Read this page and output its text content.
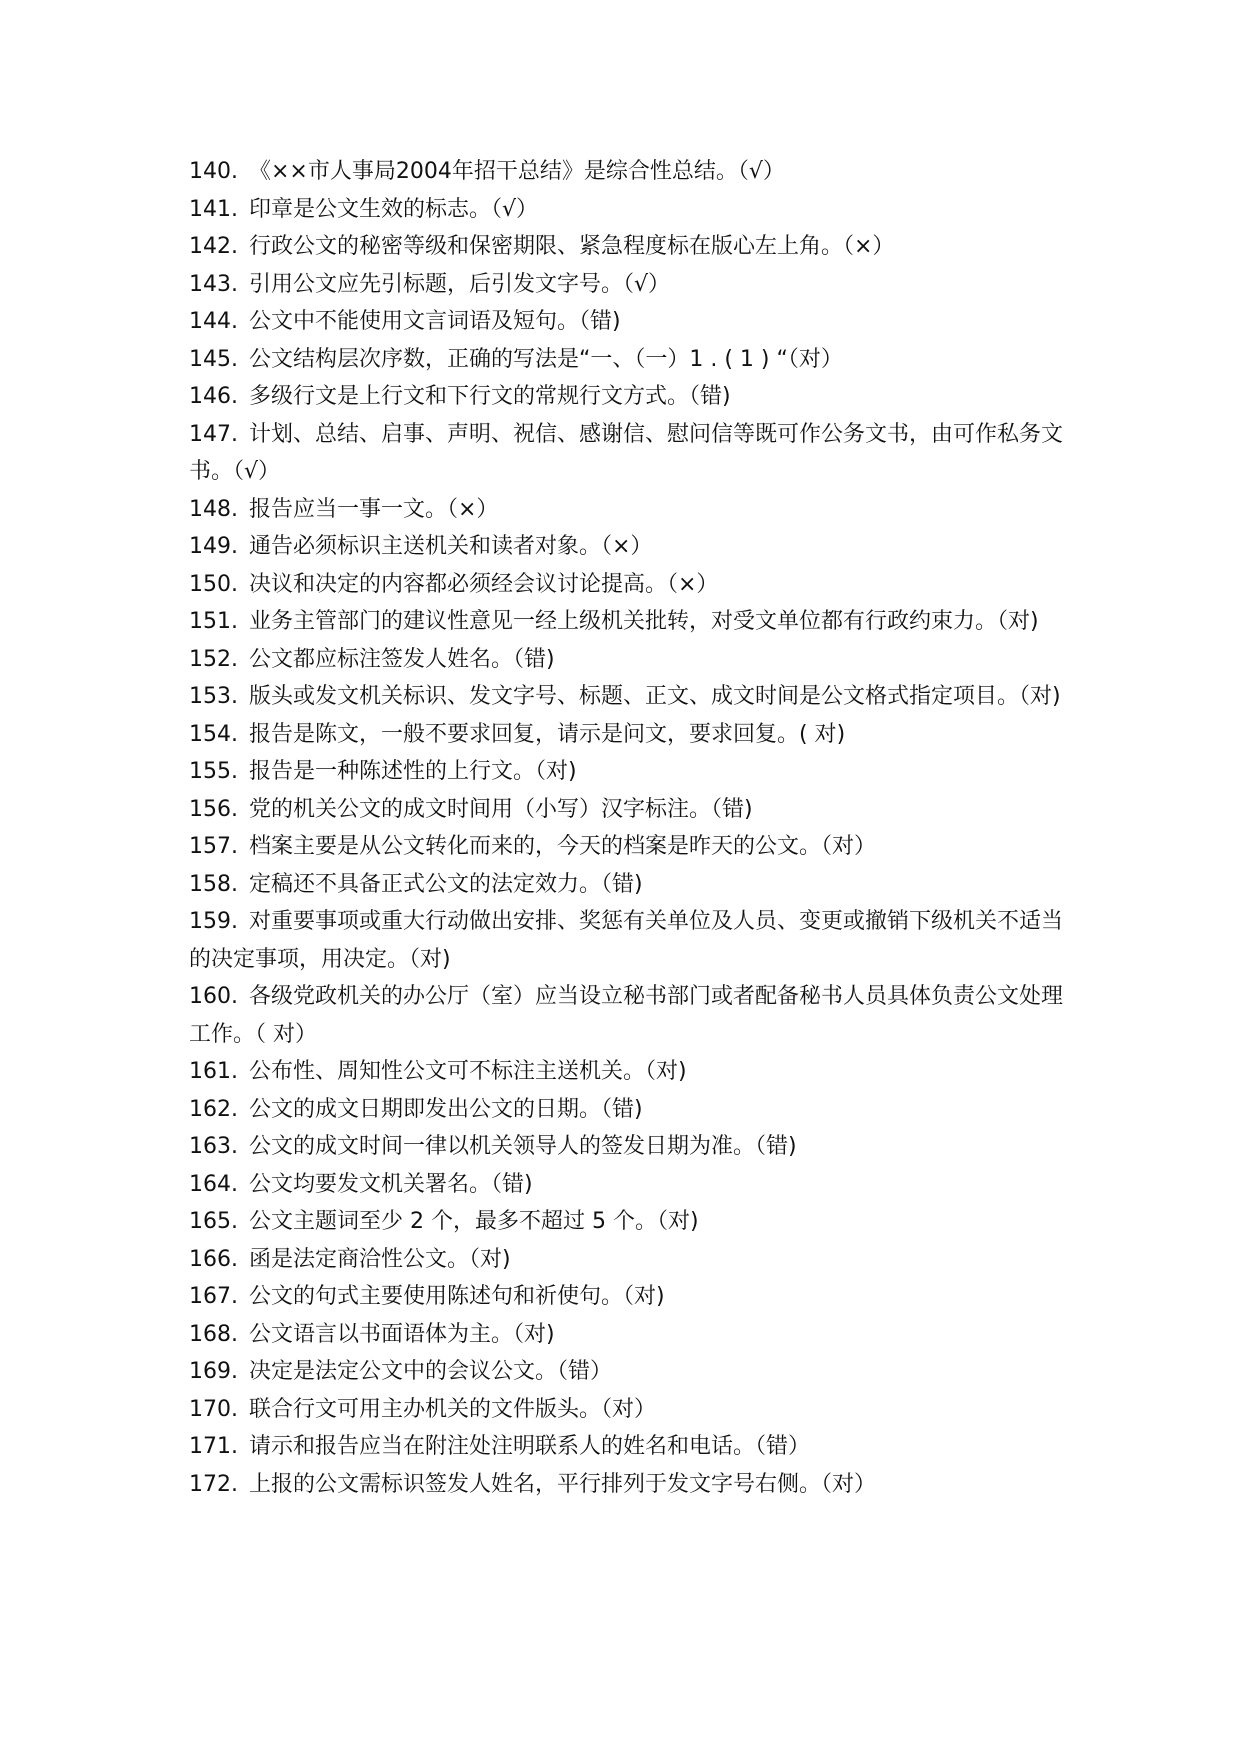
140.  《××市人事局2004年招干总结》是综合性总结。（√）

141.  印章是公文生效的标志。（√）

142.  行政公文的秘密等级和保密期限、紧急程度标在版心左上角。（×）

143.  引用公文应先引标题，后引发文字号。（√）

144.  公文中不能使用文言词语及短句。（错)

145.  公文结构层次序数，正确的写法是“一、（一）1 . ( 1 ) “（对）

146.  多级行文是上行文和下行文的常规行文方式。（错)

147.  计划、总结、启事、声明、祝信、感谢信、慰问信等既可作公务文书，由可作私务文书。（√）

148.  报告应当一事一文。（×）

149.  通告必须标识主送机关和读者对象。（×）

150.  决议和决定的内容都必须经会议讨论提高。（×）

151.  业务主管部门的建议性意见一经上级机关批转，对受文单位都有行政约束力。（对)

152.  公文都应标注签发人姓名。（错)

153.  版头或发文机关标识、发文字号、标题、正文、成文时间是公文格式指定项目。（对)

154.  报告是陈文，一般不要求回复，请示是问文，要求回复。( 对)

155.  报告是一种陈述性的上行文。（对)

156.  党的机关公文的成文时间用（小写）汉字标注。（错)

157.  档案主要是从公文转化而来的，今天的档案是昨天的公文。（对）

158.  定稿还不具备正式公文的法定效力。（错)

159.  对重要事项或重大行动做出安排、奖惩有关单位及人员、变更或撤销下级机关不适当的决定事项，用决定。（对)

160.  各级党政机关的办公厅（室）应当设立秘书部门或者配备秘书人员具体负责公文处理工作。（ 对）

161.  公布性、周知性公文可不标注主送机关。（对)

162.  公文的成文日期即发出公文的日期。（错)

163.  公文的成文时间一律以机关领导人的签发日期为准。（错)

164.  公文均要发文机关署名。（错)

165.  公文主题词至少 2 个，最多不超过 5 个。（对)

166.  函是法定商洽性公文。（对)

167.  公文的句式主要使用陈述句和祈使句。（对)

168.  公文语言以书面语体为主。（对)

169.  决定是法定公文中的会议公文。（错）

170.  联合行文可用主办机关的文件版头。（对）

171.  请示和报告应当在附注处注明联系人的姓名和电话。（错）

172.  上报的公文需标识签发人姓名，平行排列于发文字号右侧。（对）
